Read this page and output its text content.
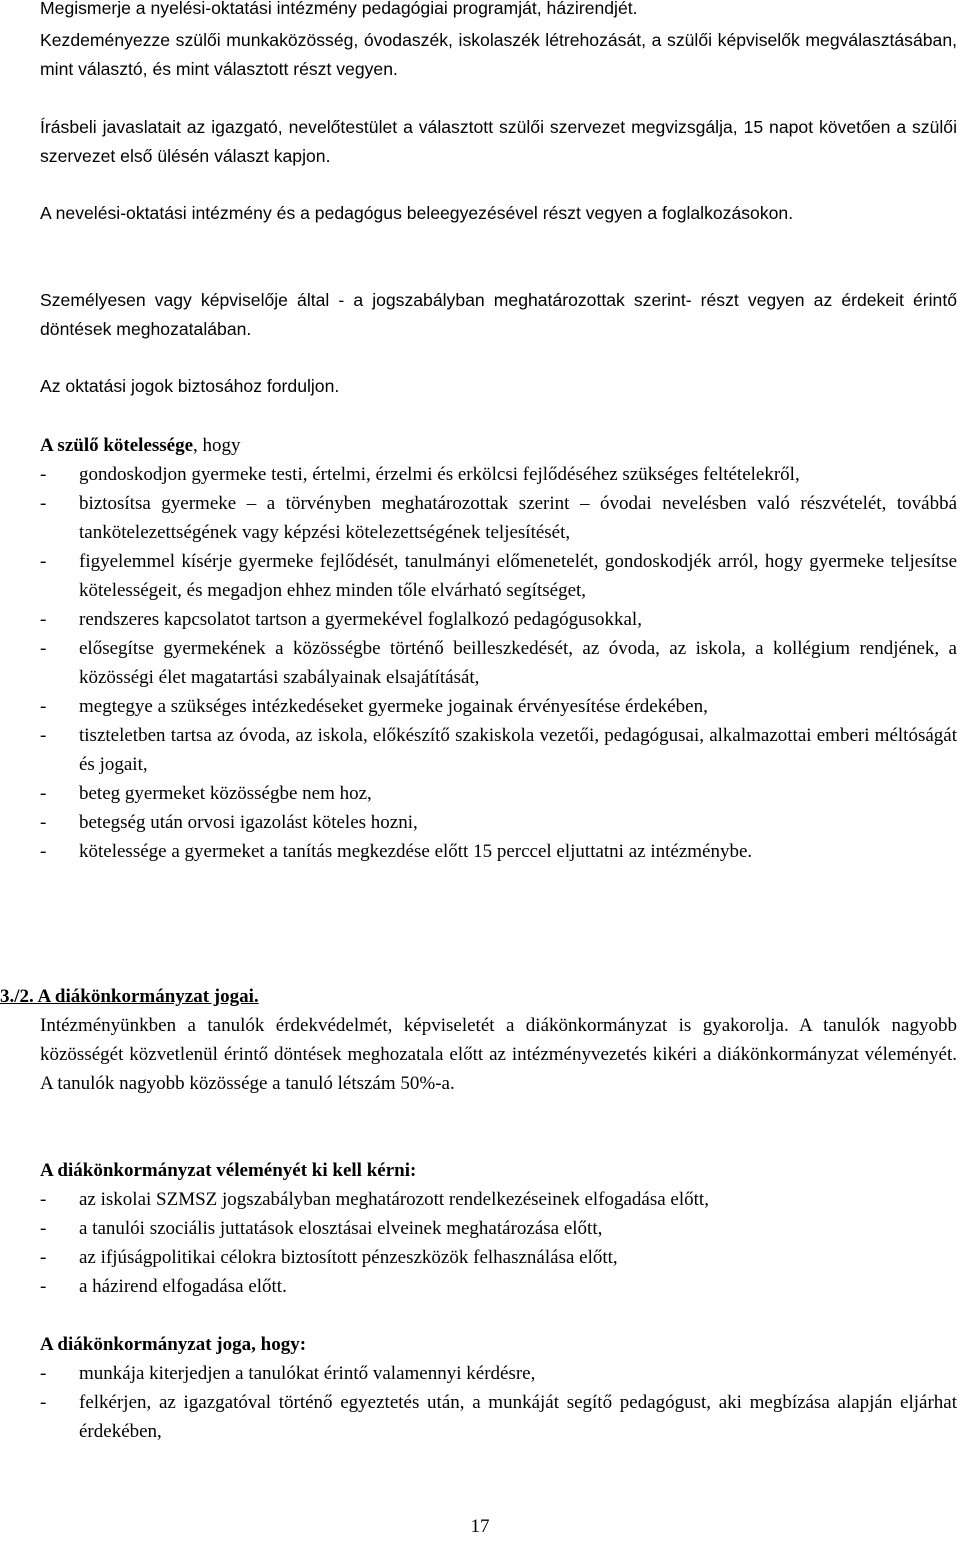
Megismerje a nyelési-oktatási intézmény pedagógiai programját, házirendjét.

Kezdeményezze szülői munkaközösség, óvodaszék, iskolaszék létrehozását, a szülői képviselők megválasztásában, mint választó, és mint választott részt vegyen.

Írásbeli javaslatait az igazgató, nevelőtestület a választott szülői szervezet megvizsgálja, 15 napot követően a szülői szervezet első ülésén választ kapjon.

A nevelési-oktatási intézmény és a pedagógus beleegyezésével részt vegyen a foglalkozásokon.

Személyesen vagy képviselője által - a jogszabályban meghatározottak szerint- részt vegyen az érdekeit érintő döntések meghozatalában.

Az oktatási jogok biztosához forduljon.

A szülő kötelessége, hogy

- gondoskodjon gyermeke testi, értelmi, érzelmi és erkölcsi fejlődéséhez szükséges feltételekről,
- biztosítsa gyermeke – a törvényben meghatározottak szerint – óvodai nevelésben való részvételét, továbbá tankötelezettségének vagy képzési kötelezettségének teljesítését,
- figyelemmel kísérje gyermeke fejlődését, tanulmányi előmenetelét, gondoskodjék arról, hogy gyermeke teljesítse kötelességeit, és megadjon ehhez minden tőle elvárható segítséget,
- rendszeres kapcsolatot tartson a gyermekével foglalkozó pedagógusokkal,
- elősegítse gyermekének a közösségbe történő beilleszkedését, az óvoda, az iskola, a kollégium rendjének, a közösségi élet magatartási szabályainak elsajátítását,
- megtegye a szükséges intézkedéseket gyermeke jogainak érvényesítése érdekében,
- tiszteletben tartsa az óvoda, az iskola, előkészítő szakiskola vezetői, pedagógusai, alkalmazottai emberi méltóságát és jogait,
- beteg gyermeket közösségbe nem hoz,
- betegség után orvosi igazolást köteles hozni,
- kötelessége a gyermeket a tanítás megkezdése előtt 15 perccel eljuttatni az intézménybe.

3./2. A diákönkormányzat jogai.

Intézményünkben a tanulók érdekvédelmét, képviseletét a diákönkormányzat is gyakorolja. A tanulók nagyobb közösségét közvetlenül érintő döntések meghozatala előtt az intézményvezetés kikéri a diákönkormányzat véleményét. A tanulók nagyobb közössége a tanuló létszám 50%-a.

A diákönkormányzat véleményét ki kell kérni:

- az iskolai SZMSZ jogszabályban meghatározott rendelkezéseinek elfogadása előtt,
- a tanulói szociális juttatások elosztásai elveinek meghatározása előtt,
- az ifjúságpolitikai célokra biztosított pénzeszközök felhasználása előtt,
- a házirend elfogadása előtt.

A diákönkormányzat joga, hogy:

- munkája kiterjedjen a tanulókat érintő valamennyi kérdésre,
- felkérjen, az igazgatóval történő egyeztetés után, a munkáját segítő pedagógust, aki megbízása alapján eljárhat érdekében,

17
